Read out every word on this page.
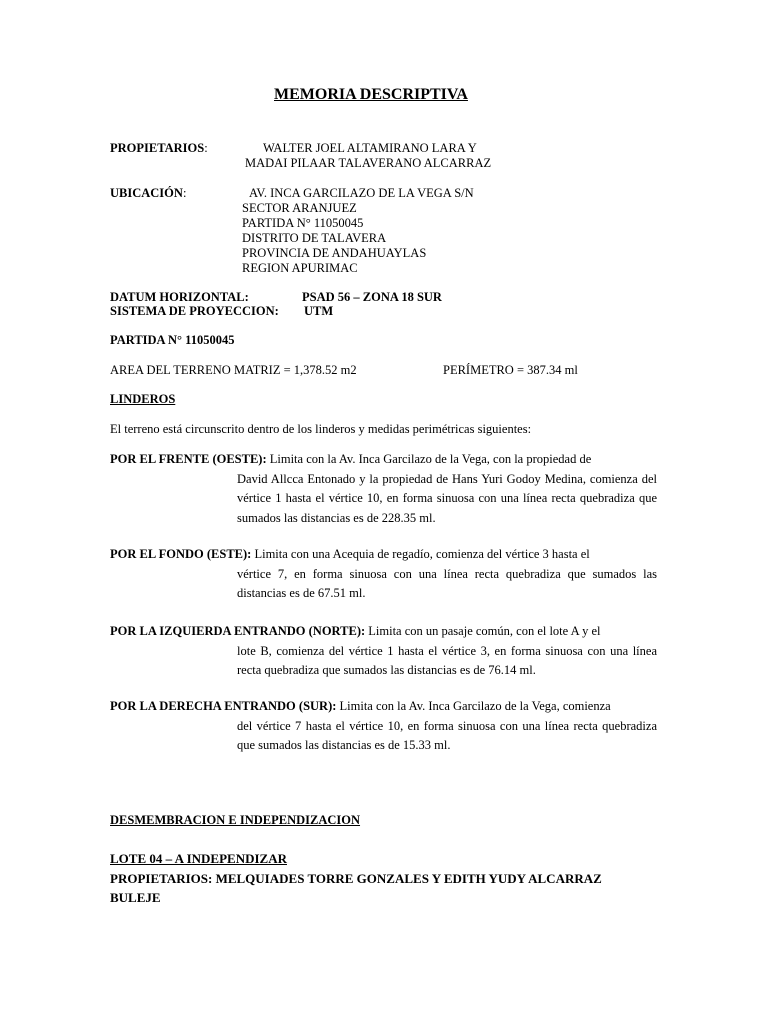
MEMORIA DESCRIPTIVA
PROPIETARIOS:	WALTER JOEL ALTAMIRANO LARA Y
MADAI PILAAR TALAVERANO ALCARRAZ
UBICACIÓN:	AV. INCA GARCILAZO DE LA VEGA S/N
SECTOR ARANJUEZ
PARTIDA N° 11050045
DISTRITO DE TALAVERA
PROVINCIA DE ANDAHUAYLAS
REGION APURIMAC
DATUM HORIZONTAL:	PSAD 56 – ZONA 18 SUR
SISTEMA DE PROYECCION: UTM
PARTIDA N° 11050045
AREA DEL TERRENO MATRIZ = 1,378.52 m2	PERÍMETRO = 387.34 ml
LINDEROS
El terreno está circunscrito dentro de los linderos y medidas perimétricas siguientes:
POR EL FRENTE (OESTE): Limita con la Av. Inca Garcilazo de la Vega, con la propiedad de
David Allcca Entonado y la propiedad de Hans Yuri Godoy Medina, comienza del vértice 1 hasta el vértice 10, en forma sinuosa con una línea recta quebradiza que sumados las distancias es de 228.35 ml.
POR EL FONDO (ESTE): Limita con una Acequia de regadío, comienza del vértice 3 hasta el
vértice 7, en forma sinuosa con una línea recta quebradiza que sumados las distancias es de 67.51 ml.
POR LA IZQUIERDA ENTRANDO (NORTE): Limita con un pasaje común, con el lote A y el
lote B, comienza del vértice 1 hasta el vértice 3, en forma sinuosa con una línea recta quebradiza que sumados las distancias es de 76.14 ml.
POR LA DERECHA ENTRANDO (SUR): Limita con la Av. Inca Garcilazo de la Vega, comienza
del vértice 7 hasta el vértice 10, en forma sinuosa con una línea recta quebradiza que sumados las distancias es de 15.33 ml.
DESMEMBRACION E INDEPENDIZACION
LOTE 04 – A INDEPENDIZAR
PROPIETARIOS: MELQUIADES TORRE GONZALES Y EDITH YUDY ALCARRAZ BULEJE
